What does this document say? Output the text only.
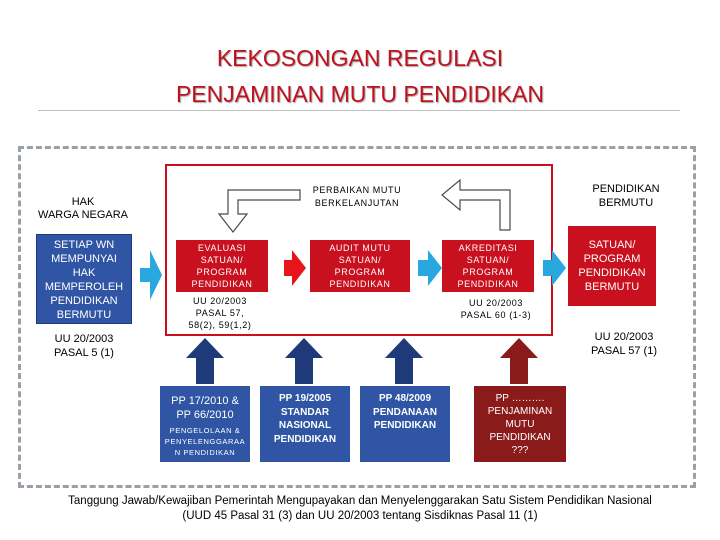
KEKOSONGAN REGULASI
PENJAMINAN MUTU PENDIDIKAN
HAK
WARGA NEGARA
SETIAP WN
MEMPUNYAI
HAK
MEMPEROLEH
PENDIDIKAN
BERMUTU
UU 20/2003
PASAL 5 (1)
PERBAIKAN MUTU
BERKELANJUTAN
PENDIDIKAN
BERMUTU
EVALUASI
SATUAN/
PROGRAM
PENDIDIKAN
AUDIT MUTU
SATUAN/
PROGRAM
PENDIDIKAN
AKREDITASI
SATUAN/
PROGRAM
PENDIDIKAN
SATUAN/
PROGRAM
PENDIDIKAN
BERMUTU
UU 20/2003
PASAL 57,
58(2), 59(1,2)
UU 20/2003
PASAL 60 (1-3)
UU 20/2003
PASAL 57 (1)
PP 17/2010 &
PP 66/2010
PENGELOLAAN &
PENYELENGGARAA
N PENDIDIKAN
PP 19/2005
STANDAR
NASIONAL
PENDIDIKAN
PP 48/2009
PENDANAAN
PENDIDIKAN
PP ……….
PENJAMINAN
MUTU
PENDIDIKAN
???
Tanggung Jawab/Kewajiban Pemerintah Mengupayakan dan Menyelenggarakan Satu Sistem Pendidikan Nasional
(UUD 45 Pasal 31 (3) dan UU 20/2003 tentang Sisdiknas Pasal 11 (1)
